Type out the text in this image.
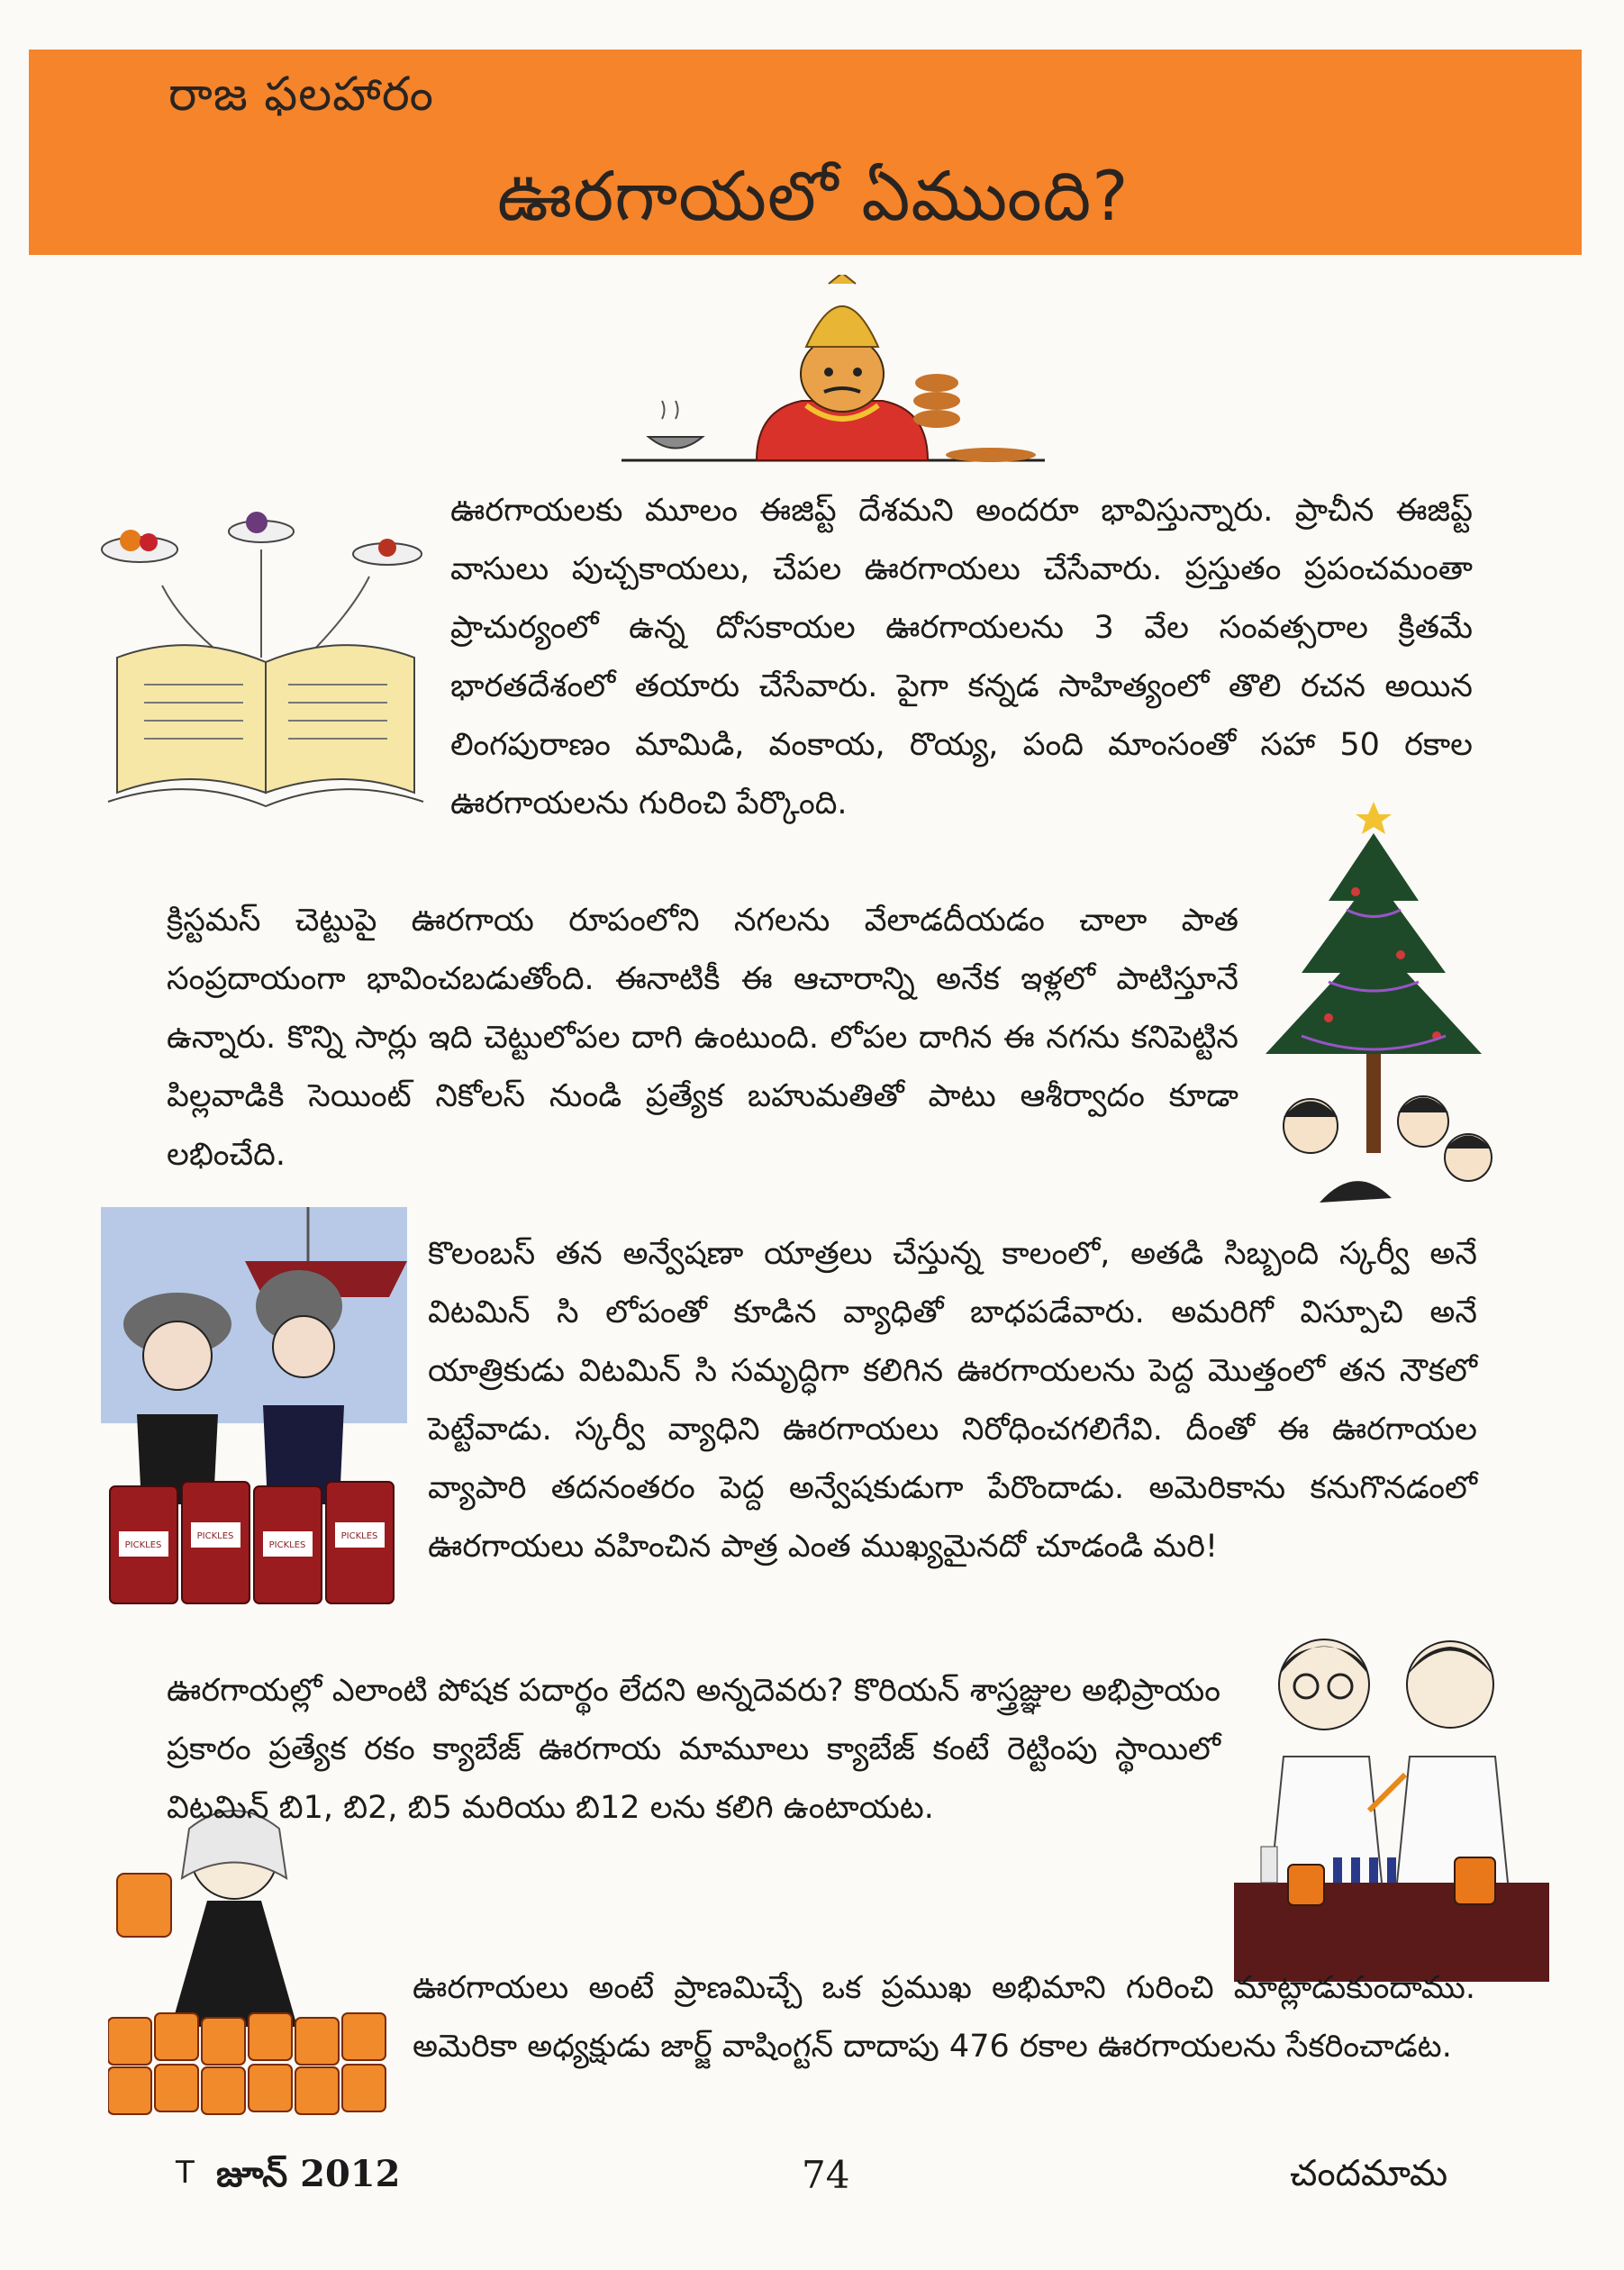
రాజ ఫలహారం
ఊరగాయలో ఏముంది?
PICKLES
PICKLES
PICKLES
PICKLES

ఊరగాయలకు మూలం ఈజిప్ట్ దేశమని అందరూ భావిస్తున్నారు. ప్రాచీన ఈజిప్ట్ వాసులు పుచ్చకాయలు, చేపల ఊరగాయలు చేసేవారు. ప్రస్తుతం ప్రపంచమంతా ప్రాచుర్యంలో ఉన్న దోసకాయల ఊరగాయలను 3 వేల సంవత్సరాల క్రితమే భారతదేశంలో తయారు చేసేవారు. పైగా కన్నడ సాహిత్యంలో తొలి రచన అయిన లింగపురాణం మామిడి, వంకాయ, రొయ్య, పంది మాంసంతో సహా 50 రకాల ఊరగాయలను గురించి పేర్కొంది.

క్రిస్టమస్ చెట్టుపై ఊరగాయ రూపంలోని నగలను వేలాడదీయడం చాలా పాత సంప్రదాయంగా భావించబడుతోంది. ఈనాటికీ ఈ ఆచారాన్ని అనేక ఇళ్లలో పాటిస్తూనే ఉన్నారు. కొన్ని సార్లు ఇది చెట్టులోపల దాగి ఉంటుంది. లోపల దాగిన ఈ నగను కనిపెట్టిన పిల్లవాడికి సెయింట్ నికోలస్ నుండి ప్రత్యేక బహుమతితో పాటు ఆశీర్వాదం కూడా లభించేది.

కొలంబస్ తన అన్వేషణా యాత్రలు చేస్తున్న కాలంలో, అతడి సిబ్బంది స్కర్వీ అనే విటమిన్ సి లోపంతో కూడిన వ్యాధితో బాధపడేవారు. అమరిగో విస్పూచి అనే యాత్రికుడు విటమిన్ సి సమృద్ధిగా కలిగిన ఊరగాయలను పెద్ద మొత్తంలో తన నౌకలో పెట్టేవాడు. స్కర్వీ వ్యాధిని ఊరగాయలు నిరోధించగలిగేవి. దీంతో ఈ ఊరగాయల వ్యాపారి తదనంతరం పెద్ద అన్వేషకుడుగా పేరొందాడు. అమెరికాను కనుగొనడంలో ఊరగాయలు వహించిన పాత్ర ఎంత ముఖ్యమైనదో చూడండి మరి!

ఊరగాయల్లో ఎలాంటి పోషక పదార్థం లేదని అన్నదెవరు? కొరియన్ శాస్త్రజ్ఞుల అభిప్రాయం ప్రకారం ప్రత్యేక రకం క్యాబేజ్ ఊరగాయ మామూలు క్యాబేజ్ కంటే రెట్టింపు స్థాయిలో విటమిన్ బి1, బి2, బి5 మరియు బి12 లను కలిగి ఉంటాయట.

ఊరగాయలు అంటే ప్రాణమిచ్చే ఒక ప్రముఖ అభిమాని గురించి మాట్లాడుకుందాము. అమెరికా అధ్యక్షుడు జార్జ్ వాషింగ్టన్ దాదాపు 476 రకాల ఊరగాయలను సేకరించాడట.

T జూన్ 2012	74	చందమామ
